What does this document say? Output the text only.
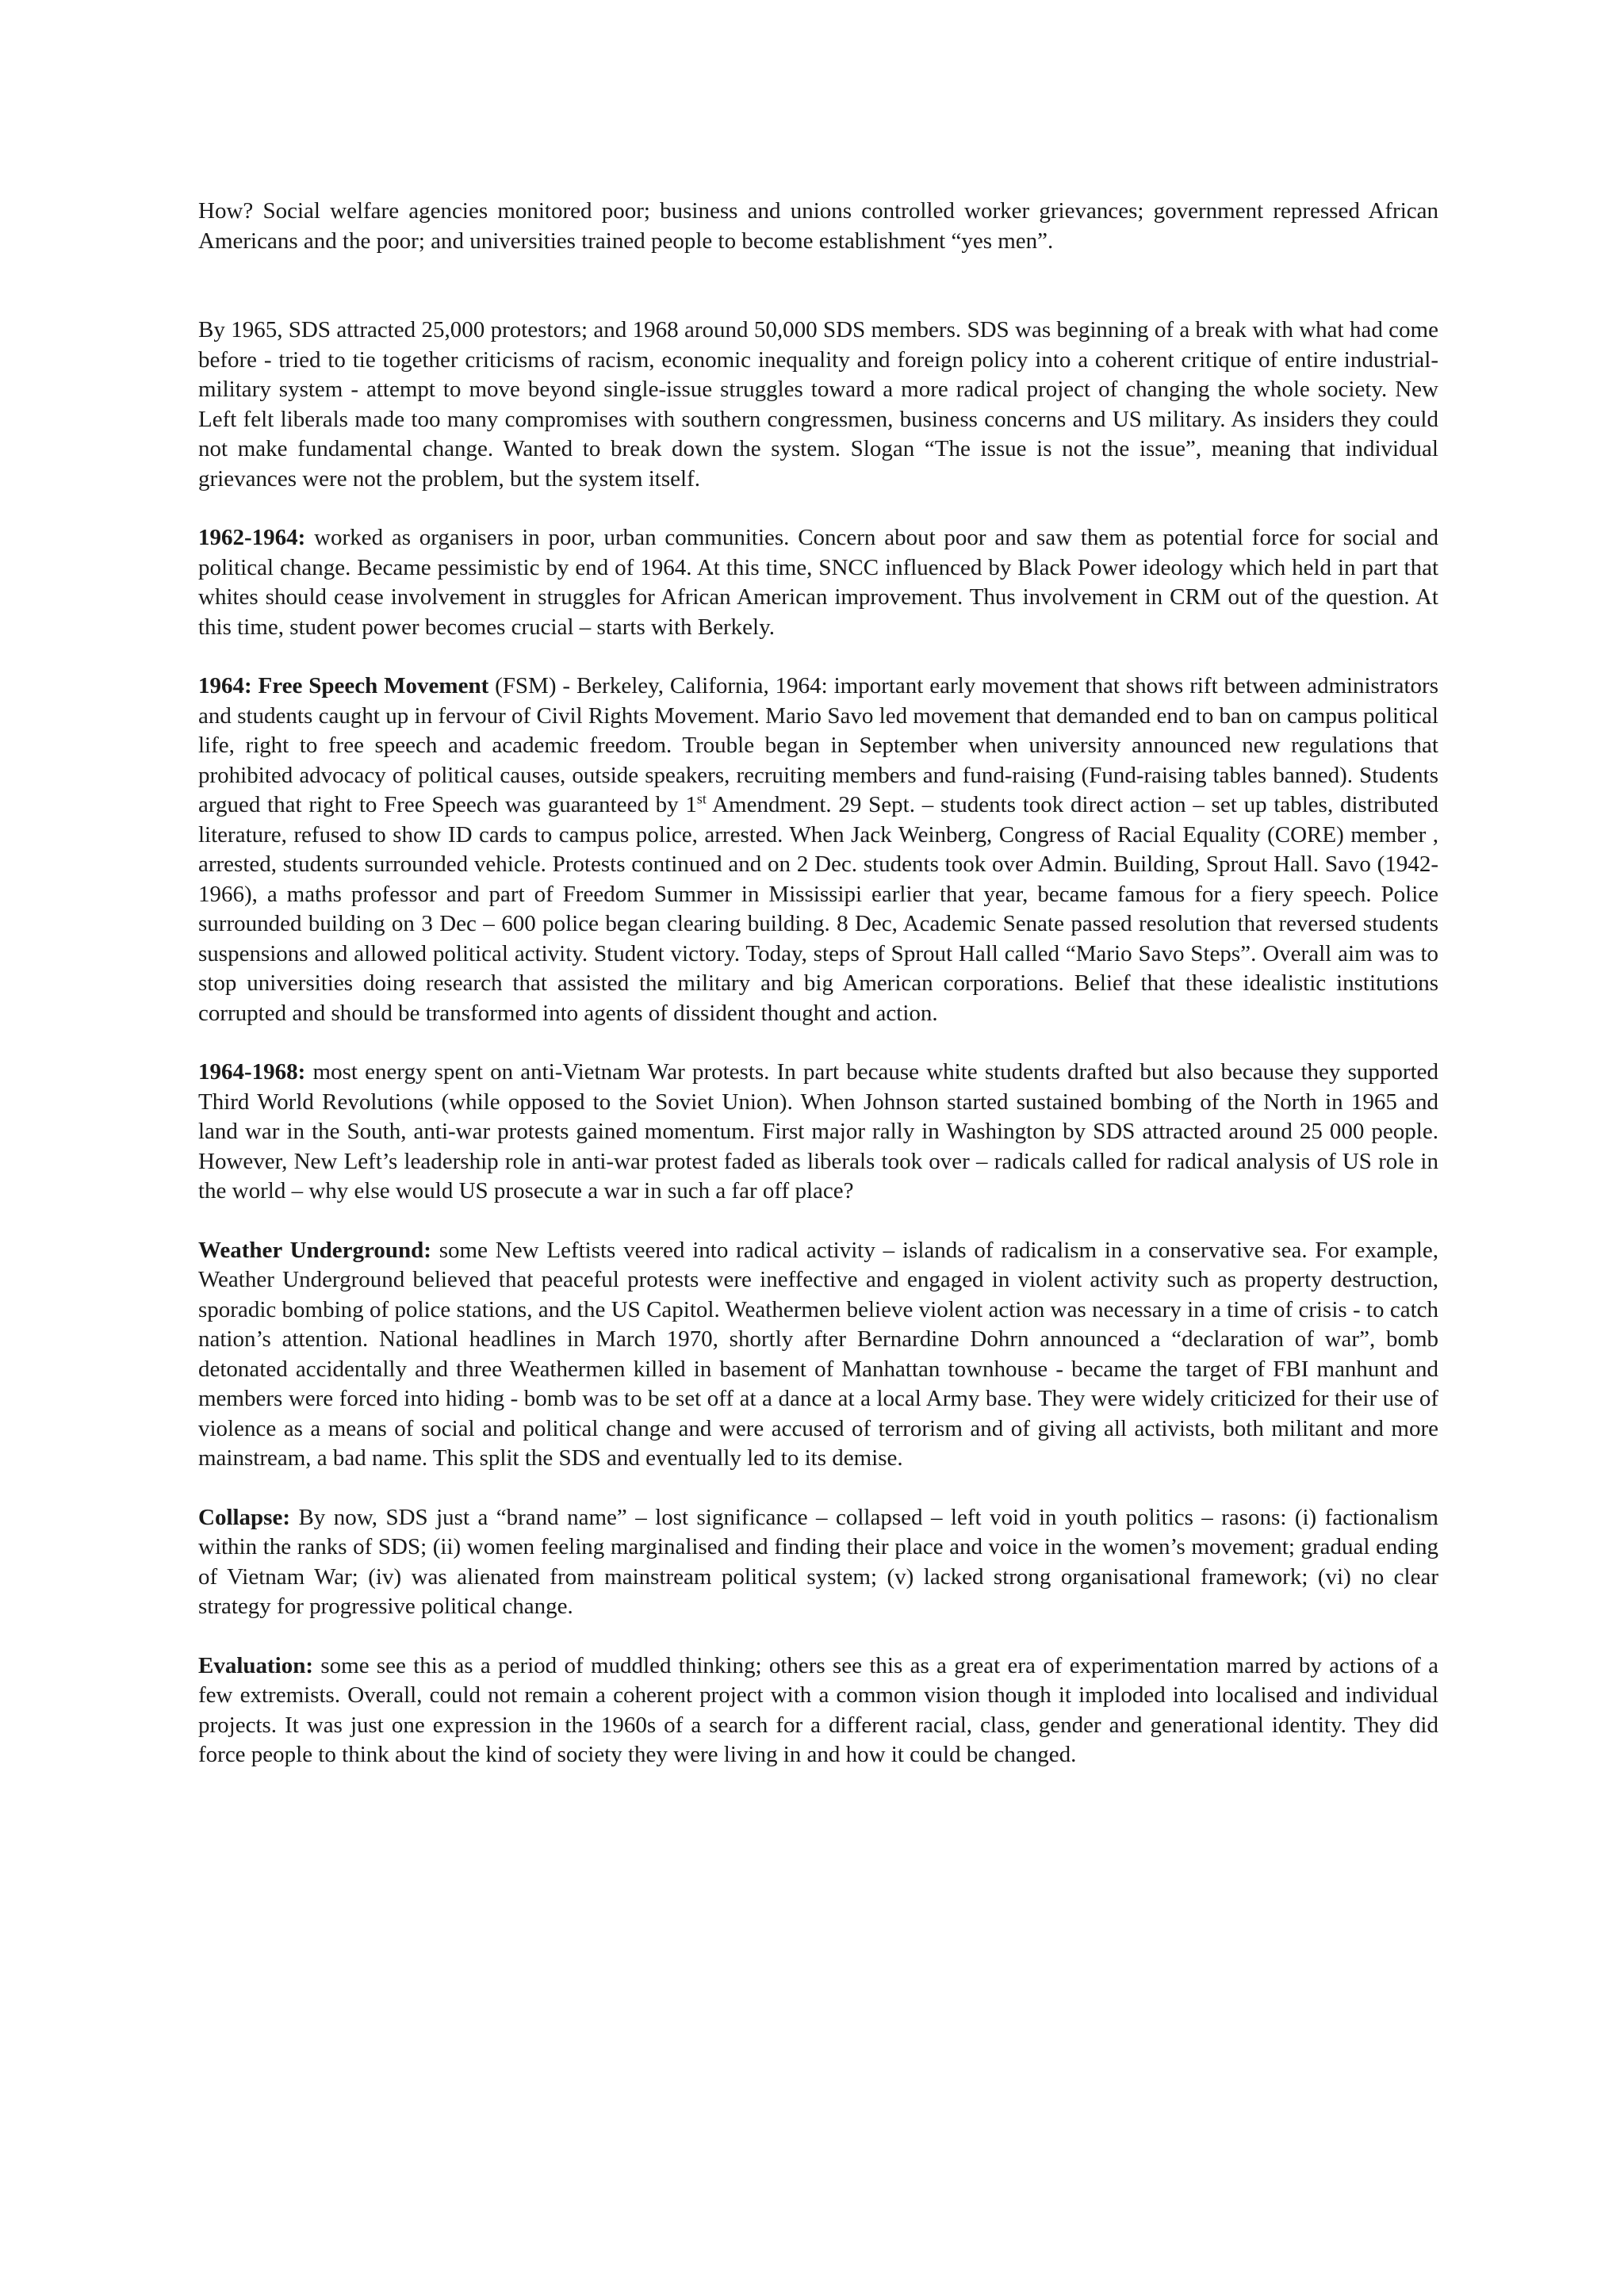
How? Social welfare agencies monitored poor; business and unions controlled worker grievances; government repressed African Americans and the poor; and universities trained people to become establishment “yes men”.

By 1965, SDS attracted 25,000 protestors; and 1968 around 50,000 SDS members. SDS was beginning of a break with what had come before - tried to tie together criticisms of racism, economic inequality and foreign policy into a coherent critique of entire industrial-military system - attempt to move beyond single-issue struggles toward a more radical project of changing the whole society. New Left felt liberals made too many compromises with southern congressmen, business concerns and US military. As insiders they could not make fundamental change. Wanted to break down the system. Slogan “The issue is not the issue”, meaning that individual grievances were not the problem, but the system itself.

1962-1964: worked as organisers in poor, urban communities. Concern about poor and saw them as potential force for social and political change. Became pessimistic by end of 1964. At this time, SNCC influenced by Black Power ideology which held in part that whites should cease involvement in struggles for African American improvement. Thus involvement in CRM out of the question. At this time, student power becomes crucial – starts with Berkely.

1964: Free Speech Movement (FSM) - Berkeley, California, 1964: important early movement that shows rift between administrators and students caught up in fervour of Civil Rights Movement. Mario Savo led movement that demanded end to ban on campus political life, right to free speech and academic freedom. Trouble began in September when university announced new regulations that prohibited advocacy of political causes, outside speakers, recruiting members and fund-raising (Fund-raising tables banned). Students argued that right to Free Speech was guaranteed by 1st Amendment. 29 Sept. – students took direct action – set up tables, distributed literature, refused to show ID cards to campus police, arrested. When Jack Weinberg, Congress of Racial Equality (CORE) member , arrested, students surrounded vehicle. Protests continued and on 2 Dec. students took over Admin. Building, Sprout Hall. Savo (1942-1966), a maths professor and part of Freedom Summer in Mississipi earlier that year, became famous for a fiery speech. Police surrounded building on 3 Dec – 600 police began clearing building. 8 Dec, Academic Senate passed resolution that reversed students suspensions and allowed political activity. Student victory. Today, steps of Sprout Hall called “Mario Savo Steps”. Overall aim was to stop universities doing research that assisted the military and big American corporations. Belief that these idealistic institutions corrupted and should be transformed into agents of dissident thought and action.

1964-1968: most energy spent on anti-Vietnam War protests. In part because white students drafted but also because they supported Third World Revolutions (while opposed to the Soviet Union). When Johnson started sustained bombing of the North in 1965 and land war in the South, anti-war protests gained momentum. First major rally in Washington by SDS attracted around 25 000 people. However, New Left’s leadership role in anti-war protest faded as liberals took over – radicals called for radical analysis of US role in the world – why else would US prosecute a war in such a far off place?

Weather Underground: some New Leftists veered into radical activity – islands of radicalism in a conservative sea. For example, Weather Underground believed that peaceful protests were ineffective and engaged in violent activity such as property destruction, sporadic bombing of police stations, and the US Capitol. Weathermen believe violent action was necessary in a time of crisis - to catch nation’s attention. National headlines in March 1970, shortly after Bernardine Dohrn announced a “declaration of war”, bomb detonated accidentally and three Weathermen killed in basement of Manhattan townhouse - became the target of FBI manhunt and members were forced into hiding - bomb was to be set off at a dance at a local Army base. They were widely criticized for their use of violence as a means of social and political change and were accused of terrorism and of giving all activists, both militant and more mainstream, a bad name. This split the SDS and eventually led to its demise.

Collapse: By now, SDS just a “brand name” – lost significance – collapsed – left void in youth politics – rasons: (i) factionalism within the ranks of SDS; (ii) women feeling marginalised and finding their place and voice in the women’s movement; gradual ending of Vietnam War; (iv) was alienated from mainstream political system; (v) lacked strong organisational framework; (vi) no clear strategy for progressive political change.

Evaluation: some see this as a period of muddled thinking; others see this as a great era of experimentation marred by actions of a few extremists. Overall, could not remain a coherent project with a common vision though it imploded into localised and individual projects. It was just one expression in the 1960s of a search for a different racial, class, gender and generational identity. They did force people to think about the kind of society they were living in and how it could be changed.
